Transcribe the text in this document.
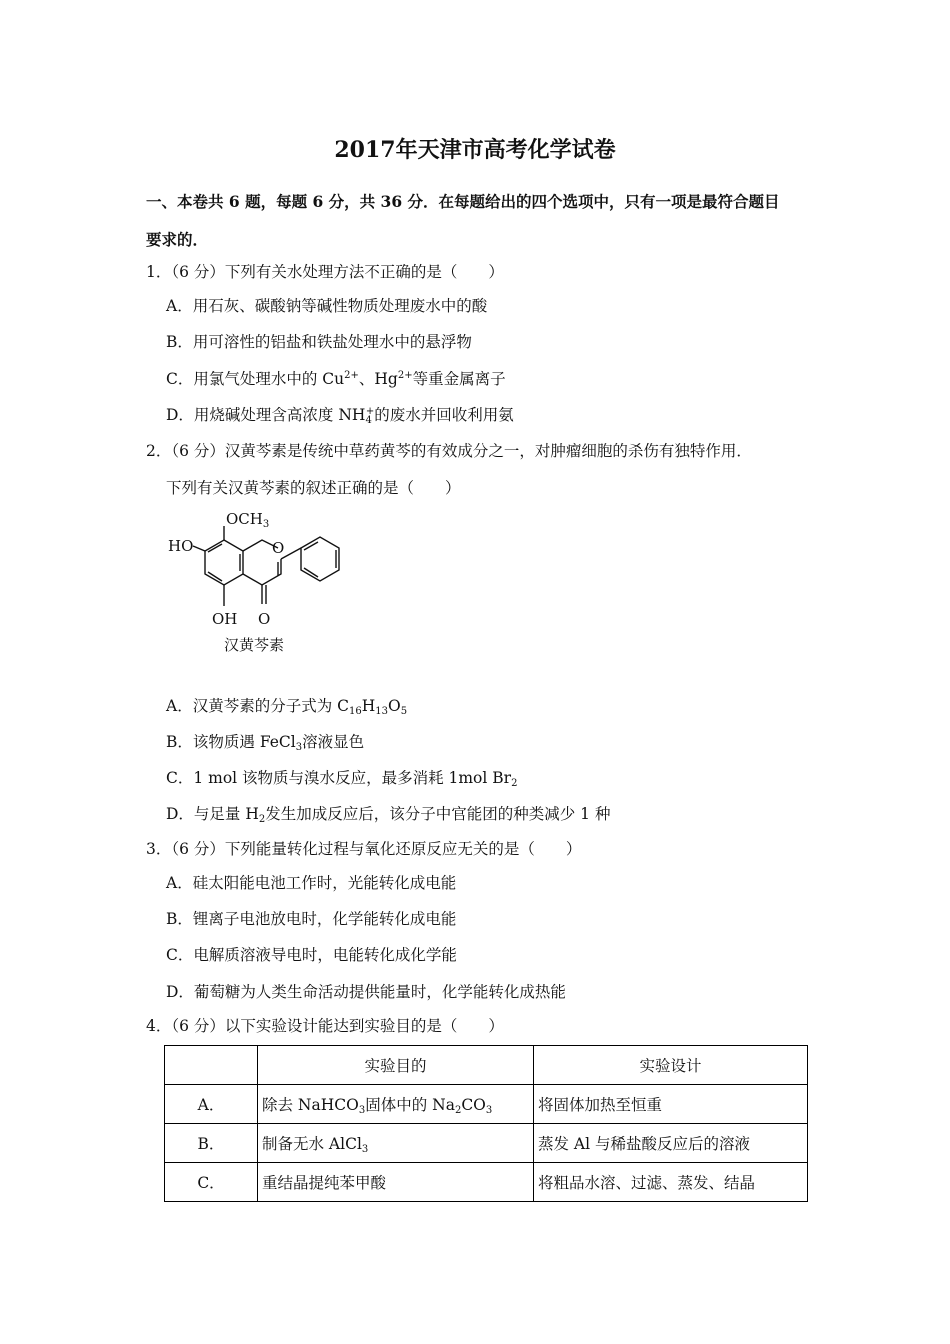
2017年天津市高考化学试卷
一、本卷共 6 题，每题 6 分，共 36 分．在每题给出的四个选项中，只有一项是最符合题目
要求的．
1．（6 分）下列有关水处理方法不正确的是（　　）
A．用石灰、碳酸钠等碱性物质处理废水中的酸
B．用可溶性的铝盐和铁盐处理水中的悬浮物
C．用氯气处理水中的 $Cu^{2+}$、$Hg^{2+}$等重金属离子
D．用烧碱处理含高浓度 $NH_4^+$的废水并回收利用氨
2．（6 分）汉黄芩素是传统中草药黄芩的有效成分之一，对肿瘤细胞的杀伤有独特作用．
下列有关汉黄芩素的叙述正确的是（　　）
$OCH_3$
HO	O
OH O
汉黄芩素
A．汉黄芩素的分子式为 $C_{16}H_{13}O_5$
B．该物质遇 FeCl$_3$溶液显色
C．1 mol 该物质与溴水反应，最多消耗 1mol $Br_2$
D．与足量 $H_2$发生加成反应后，该分子中官能团的种类减少 1 种
3．（6 分）下列能量转化过程与氧化还原反应无关的是（　　）
A．硅太阳能电池工作时，光能转化成电能
B．锂离子电池放电时，化学能转化成电能
C．电解质溶液导电时，电能转化成化学能
D．葡萄糖为人类生命活动提供能量时，化学能转化成热能
4．（6 分）以下实验设计能达到实验目的是（　　）
	实验目的	实验设计
A．	除去 NaHCO$_3$固体中的 $Na_2CO_3$	将固体加热至恒重
B．	制备无水 AlCl$_3$	蒸发 Al 与稀盐酸反应后的溶液
C．	重结晶提纯苯甲酸	将粗品水溶、过滤、蒸发、结晶
